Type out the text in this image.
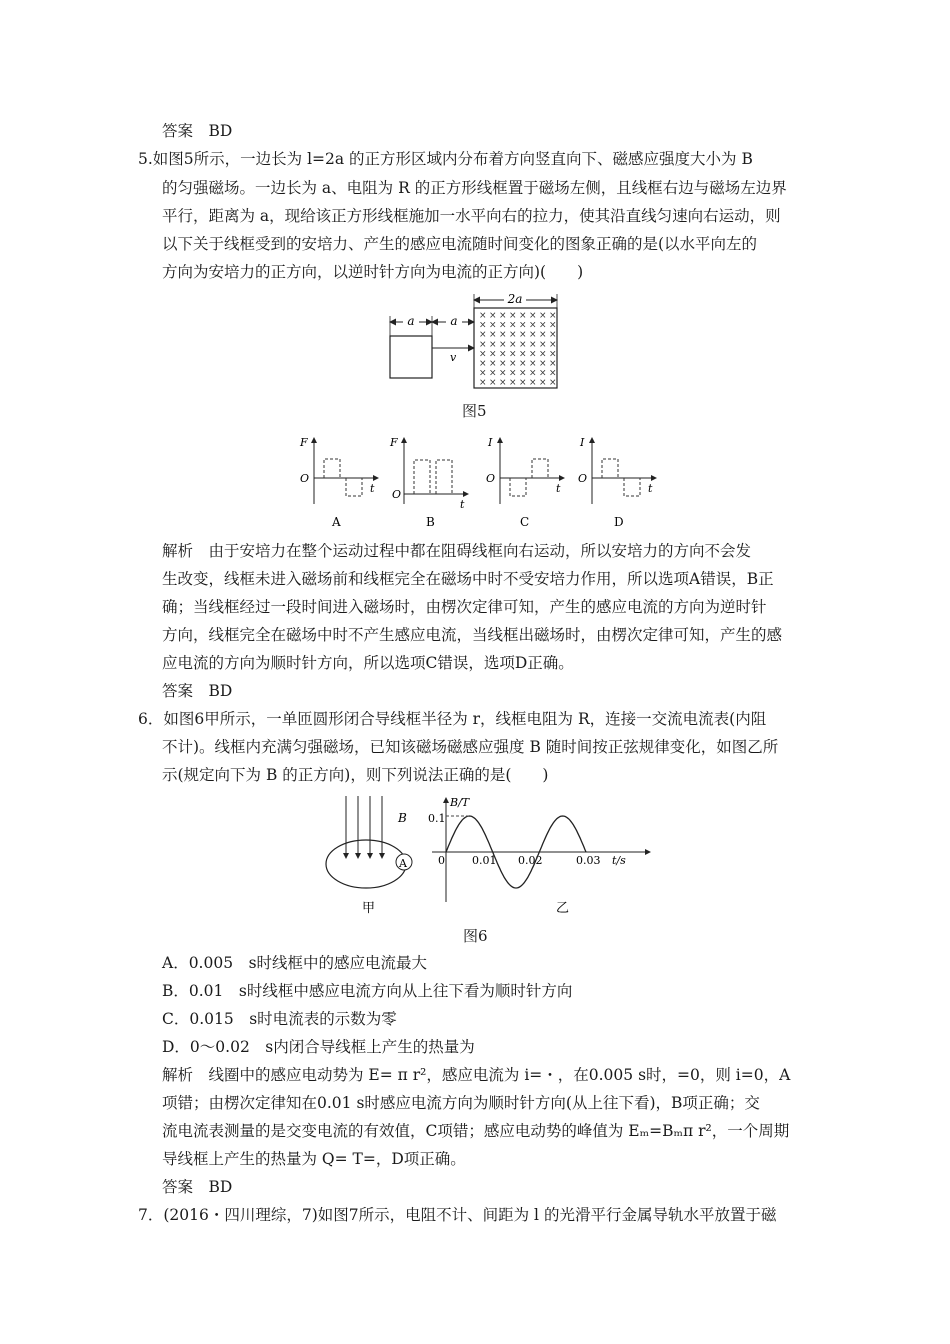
答案　BD
5.如图5所示，一边长为 l=2a 的正方形区域内分布着方向竖直向下、磁感应强度大小为 B
的匀强磁场。一边长为 a、电阻为 R 的正方形线框置于磁场左侧，且线框右边与磁场左边界
平行，距离为 a，现给该正方形线框施加一水平向右的拉力，使其沿直线匀速向右运动，则
以下关于线框受到的安培力、产生的感应电流随时间变化的图象正确的是(以水平向左的
方向为安培力的正方向，以逆时针方向为电流的正方向)(　　)
a	a
2a
v
× × × × × × × ×
× × × × × × × ×
× × × × × × × ×
× × × × × × × ×
× × × × × × × ×
× × × × × × × ×
× × × × × × × ×
× × × × × × × ×
图5
F
O
t
F
O
t
I
O
t
I
O
t
A	B	C	D
解析　由于安培力在整个运动过程中都在阻碍线框向右运动，所以安培力的方向不会发
生改变，线框未进入磁场前和线框完全在磁场中时不受安培力作用，所以选项A错误，B正
确；当线框经过一段时间进入磁场时，由楞次定律可知，产生的感应电流的方向为逆时针
方向，线框完全在磁场中时不产生感应电流，当线框出磁场时，由楞次定律可知，产生的感
应电流的方向为顺时针方向，所以选项C错误，选项D正确。
答案　BD
6．如图6甲所示，一单匝圆形闭合导线框半径为 r，线框电阻为 R，连接一交流电流表(内阻
不计)。线框内充满匀强磁场，已知该磁场磁感应强度 B 随时间按正弦规律变化，如图乙所
示(规定向下为 B 的正方向)，则下列说法正确的是(　　)
B
A
甲
B/T
0.1
0 0.01 0.02	0.03 t/s
乙
图6
A．0.005　s时线框中的感应电流最大
B．0.01　s时线框中感应电流方向从上往下看为顺时针方向
C．0.015　s时电流表的示数为零
D．0～0.02　s内闭合导线框上产生的热量为
解析　线圈中的感应电动势为 E= π r²，感应电流为 i=・，在0.005 s时，=0，则 i=0，A
项错；由楞次定律知在0.01 s时感应电流方向为顺时针方向(从上往下看)，B项正确；交
流电流表测量的是交变电流的有效值，C项错；感应电动势的峰值为 Eₘ=Bₘπ r²，一个周期
导线框上产生的热量为 Q= T=，D项正确。
答案　BD
7．(2016・四川理综，7)如图7所示，电阻不计、间距为 l 的光滑平行金属导轨水平放置于磁
